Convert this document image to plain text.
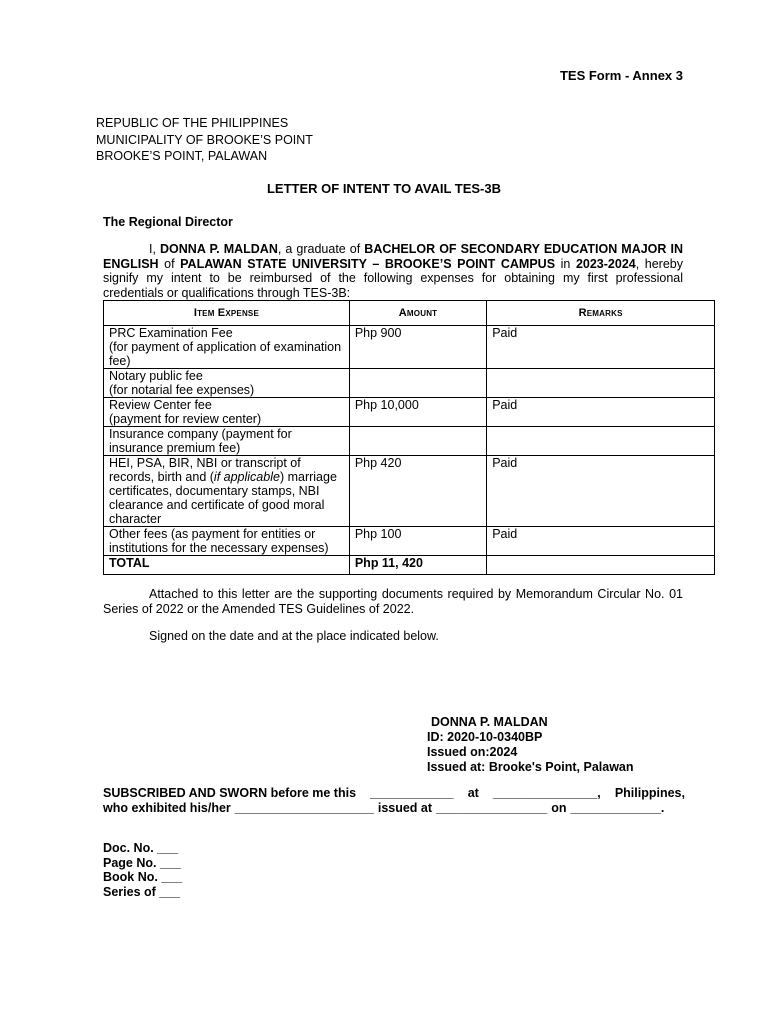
TES Form - Annex 3
REPUBLIC OF THE PHILIPPINES
MUNICIPALITY OF BROOKE’S POINT
BROOKE’S POINT, PALAWAN
LETTER OF INTENT TO AVAIL TES-3B
The Regional Director
I, DONNA P. MALDAN, a graduate of BACHELOR OF SECONDARY EDUCATION MAJOR IN ENGLISH of PALAWAN STATE UNIVERSITY – BROOKE’S POINT CAMPUS in 2023-2024, hereby signify my intent to be reimbursed of the following expenses for obtaining my first professional credentials or qualifications through TES-3B:
Item Expense	Amount	Remarks

PRC Examination Fee
(for payment of application of examination fee)	Php 900	Paid

Notary public fee
(for notarial fee expenses)		

Review Center fee
(payment for review center)	Php 10,000	Paid

Insurance company (payment for insurance premium fee)		

HEI, PSA, BIR, NBI or transcript of records, birth and (if applicable) marriage certificates, documentary stamps, NBI clearance and certificate of good moral character	Php 420	Paid

Other fees (as payment for entities or institutions for the necessary expenses)	Php 100	Paid
TOTAL	Php 11, 420	
Attached to this letter are the supporting documents required by Memorandum Circular No. 01 Series of 2022 or the Amended TES Guidelines of 2022.
Signed on the date and at the place indicated below.
DONNA P. MALDAN
ID: 2020-10-0340BP
Issued on:2024
Issued at: Brooke's Point, Palawan
SUBSCRIBED AND SWORN before me this ____________ at _______________, Philippines,
who exhibited his/her ____________________ issued at ________________ on _____________.
Doc. No. ___
Page No. ___
Book No. ___
Series of ___
